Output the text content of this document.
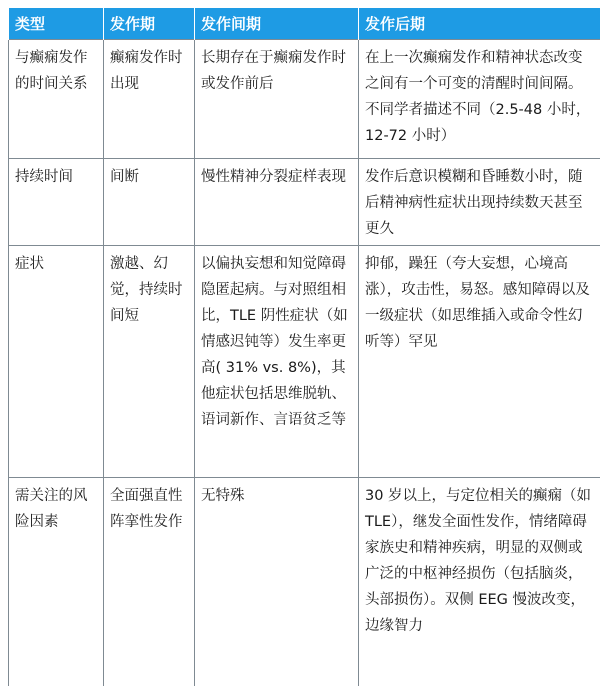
类型	发作期	发作间期	发作后期
与癫痫发作的时间关系	癫痫发作时出现	长期存在于癫痫发作时或发作前后	在上一次癫痫发作和精神状态改变之间有一个可变的清醒时间间隔。不同学者描述不同（2.5-48 小时，12-72 小时）
持续时间	间断	慢性精神分裂症样表现	发作后意识模糊和昏睡数小时，随后精神病性症状出现持续数天甚至更久
症状	激越、幻觉，持续时间短	以偏执妄想和知觉障碍隐匿起病。与对照组相比，TLE 阴性症状（如情感迟钝等）发生率更高( 31% vs. 8%)，其他症状包括思维脱轨、语词新作、言语贫乏等	抑郁，躁狂（夸大妄想，心境高涨），攻击性，易怒。感知障碍以及一级症状（如思维插入或命令性幻听等）罕见
需关注的风险因素	全面强直性阵挛性发作	无特殊	30 岁以上，与定位相关的癫痫（如 TLE），继发全面性发作，情绪障碍家族史和精神疾病，明显的双侧或广泛的中枢神经损伤（包括脑炎，头部损伤）。双侧 EEG 慢波改变，边缘智力
